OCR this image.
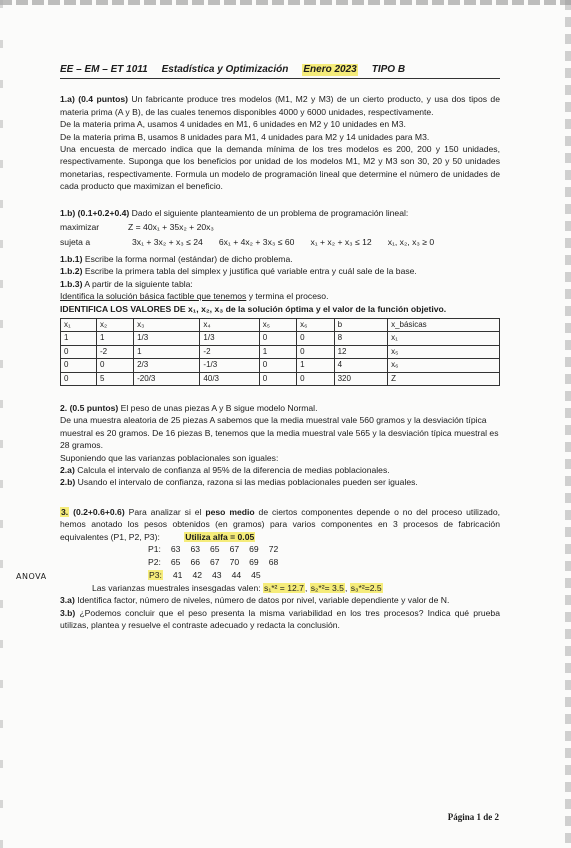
EE – EM – ET 1011 Estadística y Optimización Enero 2023 TIPO B

1.a) (0.4 puntos) Un fabricante produce tres modelos (M1, M2 y M3) de un cierto producto, y usa dos tipos de materia prima (A y B), de las cuales tenemos disponibles 4000 y 6000 unidades, respectivamente.

De la materia prima A, usamos 4 unidades en M1, 6 unidades en M2 y 10 unidades en M3.

De la materia prima B, usamos 8 unidades para M1, 4 unidades para M2 y 14 unidades para M3.

Una encuesta de mercado indica que la demanda mínima de los tres modelos es 200, 200 y 150 unidades, respectivamente. Suponga que los beneficios por unidad de los modelos M1, M2 y M3 son 30, 20 y 50 unidades monetarias, respectivamente. Formula un modelo de programación lineal que determine el número de unidades de cada producto que maximizan el beneficio.

1.b) (0.1+0.2+0.4) Dado el siguiente planteamiento de un problema de programación lineal:

maximizar	Z = 40x₁ + 35x₂ + 20x₃
sujeta a	3x₁ + 3x₂ + x₃ ≤ 24 6x₁ + 4x₂ + 3x₃ ≤ 60 x₁ + x₂ + x₃ ≤ 12 x₁, x₂, x₃ ≥ 0

1.b.1) Escribe la forma normal (estándar) de dicho problema.

1.b.2) Escribe la primera tabla del simplex y justifica qué variable entra y cuál sale de la base.

1.b.3) A partir de la siguiente tabla:

Identifica la solución básica factible que tenemos y termina el proceso.

IDENTIFICA LOS VALORES DE x₁, x₂, x₃ de la solución óptima y el valor de la función objetivo.

x₁	x₂	x₃	x₄	x₅	x₆	b	x_básicas
1	1	1/3	1/3	0	0	8	x₁
0	-2	1	-2	1	0	12	x₅
0	0	2/3	-1/3	0	1	4	x₆
0	5	-20/3	40/3	0	0	320	Z

2. (0.5 puntos) El peso de unas piezas A y B sigue modelo Normal.

De una muestra aleatoria de 25 piezas A sabemos que la media muestral vale 560 gramos y la desviación típica muestral es 20 gramos. De 16 piezas B, tenemos que la media muestral vale 565 y la desviación típica muestral es 28 gramos.

Suponiendo que las varianzas poblacionales son iguales:

2.a) Calcula el intervalo de confianza al 95% de la diferencia de medias poblacionales.

2.b) Usando el intervalo de confianza, razona si las medias poblacionales pueden ser iguales.

3. (0.2+0.6+0.6) Para analizar si el peso medio de ciertos componentes depende o no del proceso utilizado, hemos anotado los pesos obtenidos (en gramos) para varios componentes en 3 procesos de fabricación equivalentes (P1, P2, P3):	Utiliza alfa = 0.05

P1: 63 63 65 67 69 72
P2: 65 66 67 70 69 68
P3: 41 42 43 44 45

Las varianzas muestrales insesgadas valen: s₁*² = 12.7, s₂*²= 3.5, s₃*²=2.5

3.a) Identifica factor, número de niveles, número de datos por nivel, variable dependiente y valor de N.

3.b) ¿Podemos concluir que el peso presenta la misma variabilidad en los tres procesos? Indica qué prueba utilizas, plantea y resuelve el contraste adecuado y redacta la conclusión.

ANOVA
Página 1 de 2
